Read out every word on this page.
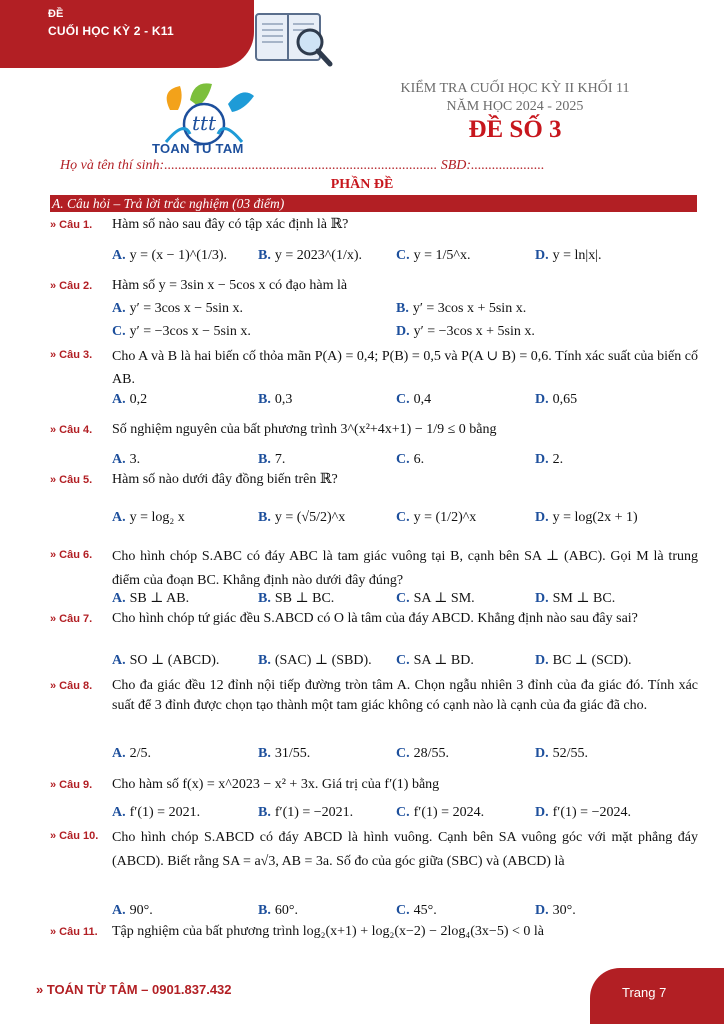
ĐỀ
CUỐI HỌC KỲ 2 - K11
ttt
TOAN TU TAM
KIỂM TRA CUỐI HỌC KỲ II KHỐI 11
NĂM HỌC 2024 - 2025
ĐỀ SỐ 3
Họ và tên thí sinh:.............................................................................. SBD:.....................
PHẦN ĐỀ
A. Câu hỏi – Trả lời trắc nghiệm (03 điểm)
» Câu 1. Hàm số nào sau đây có tập xác định là ℝ?
A. y = (x − 1)^(1/3). B. y = 2023^(1/x). C. y = 1/5^x.	D. y = ln|x|.
» Câu 2. Hàm số y = 3sin x − 5cos x có đạo hàm là
A. y′ = 3cos x − 5sin x.	B. y′ = 3cos x + 5sin x.
C. y′ = −3cos x − 5sin x.	D. y′ = −3cos x + 5sin x.
» Câu 3. Cho A và B là hai biến cố thỏa mãn P(A) = 0,4; P(B) = 0,5 và P(A ∪ B) = 0,6. Tính xác suất của biến cố AB.
A. 0,2	B. 0,3	C. 0,4	D. 0,65
» Câu 4. Số nghiệm nguyên của bất phương trình 3^(x²+4x+1) − 1/9 ≤ 0 bằng
A. 3.	B. 7.	C. 6.	D. 2.
» Câu 5. Hàm số nào dưới đây đồng biến trên ℝ?
A. y = log₂ x	B. y = (√5/2)^x	C. y = (1/2)^x	D. y = log(2x + 1)
» Câu 6. Cho hình chóp S.ABC có đáy ABC là tam giác vuông tại B, cạnh bên SA ⊥ (ABC). Gọi M là trung điểm của đoạn BC. Khẳng định nào dưới đây đúng?
A. SB ⊥ AB.	B. SB ⊥ BC.	C. SA ⊥ SM.	D. SM ⊥ BC.
» Câu 7. Cho hình chóp tứ giác đều S.ABCD có O là tâm của đáy ABCD. Khẳng định nào sau đây sai?
A. SO ⊥ (ABCD).	B. (SAC) ⊥ (SBD). C. SA ⊥ BD.	D. BC ⊥ (SCD).
» Câu 8. Cho đa giác đều 12 đỉnh nội tiếp đường tròn tâm A. Chọn ngẫu nhiên 3 đỉnh của đa giác đó. Tính xác suất để 3 đỉnh được chọn tạo thành một tam giác không có cạnh nào là cạnh của đa giác đã cho.
A. 2/5.	B. 31/55.	C. 28/55.	D. 52/55.
» Câu 9. Cho hàm số f(x) = x^2023 − x² + 3x. Giá trị của f′(1) bằng
A. f′(1) = 2021.	B. f′(1) = −2021.	C. f′(1) = 2024.	D. f′(1) = −2024.
» Câu 10. Cho hình chóp S.ABCD có đáy ABCD là hình vuông. Cạnh bên SA vuông góc với mặt phẳng đáy (ABCD). Biết rằng SA = a√3, AB = 3a. Số đo của góc giữa (SBC) và (ABCD) là
A. 90°.	B. 60°.	C. 45°.	D. 30°.
» Câu 11. Tập nghiệm của bất phương trình log₂(x+1) + log₂(x−2) − 2log₄(3x−5) < 0 là
» TOÁN TỪ TÂM – 0901.837.432	Trang 7
